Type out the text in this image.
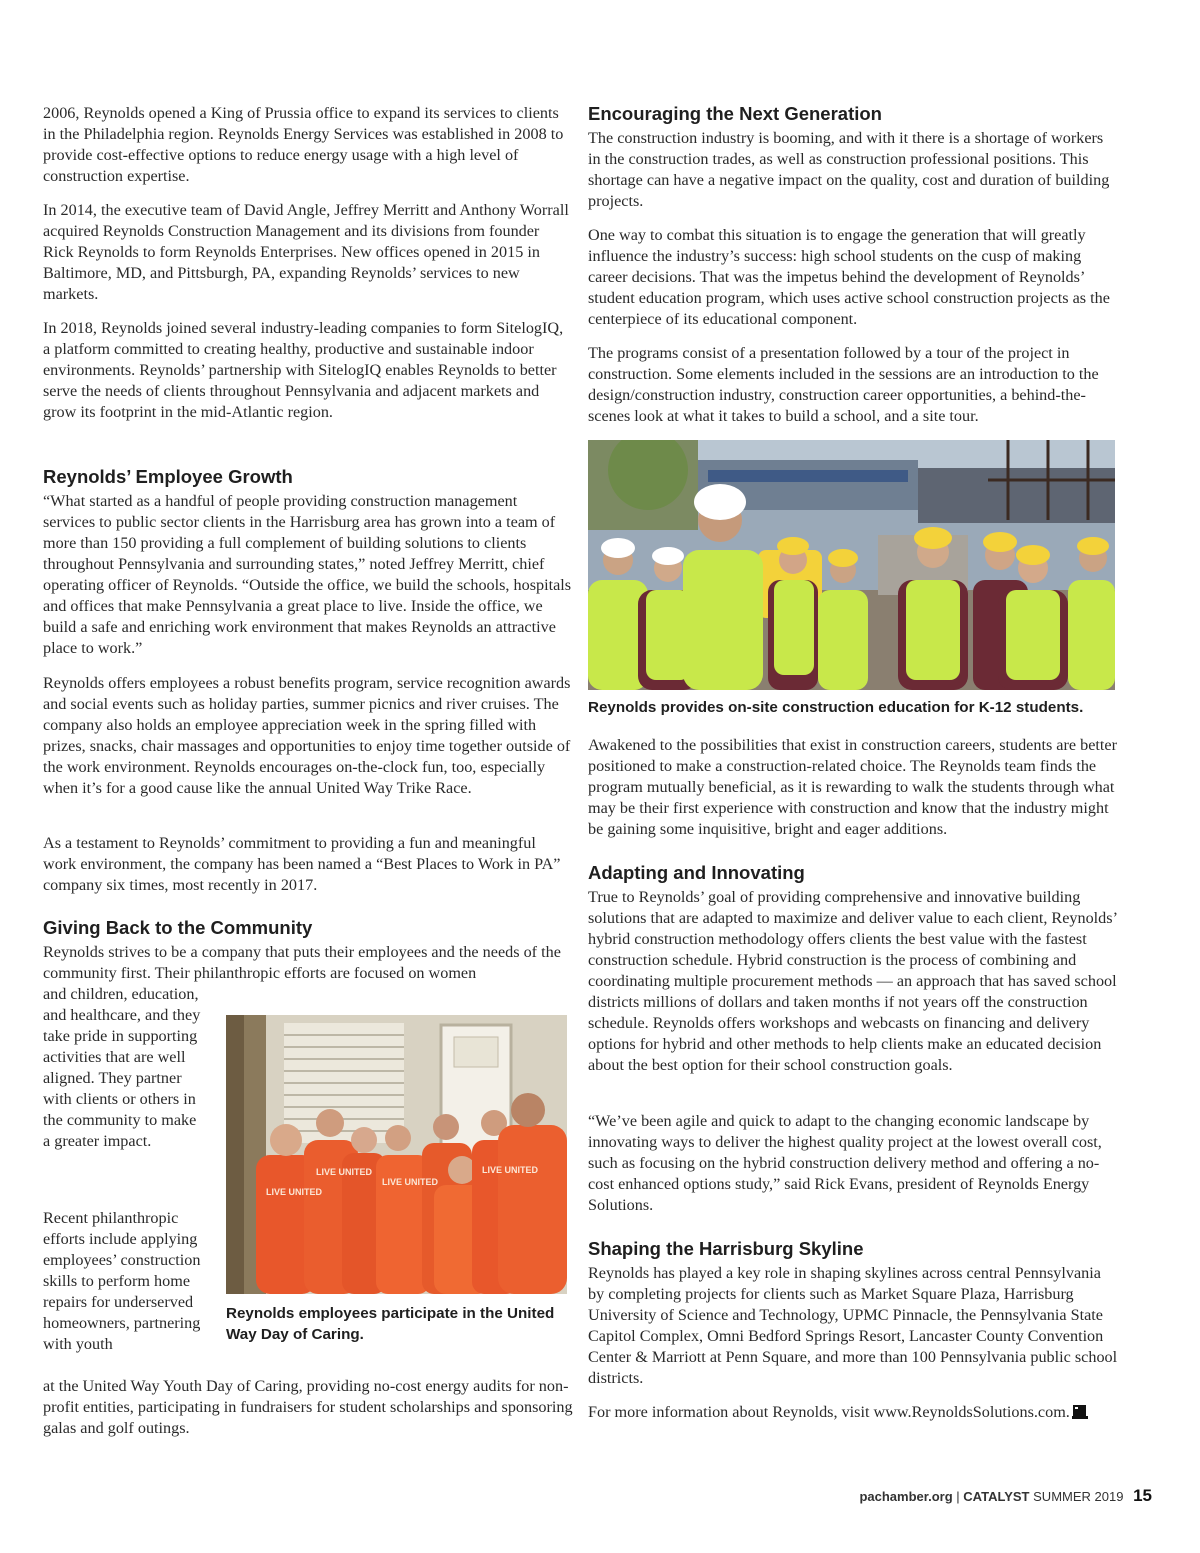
2006, Reynolds opened a King of Prussia office to expand its services to clients in the Philadelphia region. Reynolds Energy Services was established in 2008 to provide cost-effective options to reduce energy usage with a high level of construction expertise.

In 2014, the executive team of David Angle, Jeffrey Merritt and Anthony Worrall acquired Reynolds Construction Management and its divisions from founder Rick Reynolds to form Reynolds Enterprises. New offices opened in 2015 in Baltimore, MD, and Pittsburgh, PA, expanding Reynolds’ services to new markets.

In 2018, Reynolds joined several industry-leading companies to form SitelogIQ, a platform committed to creating healthy, productive and sustainable indoor environments. Reynolds’ partnership with SitelogIQ enables Reynolds to better serve the needs of clients throughout Pennsylvania and adjacent markets and grow its footprint in the mid-Atlantic region.

Reynolds’ Employee Growth

“What started as a handful of people providing construction management services to public sector clients in the Harrisburg area has grown into a team of more than 150 providing a full complement of building solutions to clients throughout Pennsylvania and surrounding states,” noted Jeffrey Merritt, chief operating officer of Reynolds. “Outside the office, we build the schools, hospitals and offices that make Pennsylvania a great place to live. Inside the office, we build a safe and enriching work environment that makes Reynolds an attractive place to work.”

Reynolds offers employees a robust benefits program, service recognition awards and social events such as holiday parties, summer picnics and river cruises. The company also holds an employee appreciation week in the spring filled with prizes, snacks, chair massages and opportunities to enjoy time together outside of the work environment. Reynolds encourages on-the-clock fun, too, especially when it’s for a good cause like the annual United Way Trike Race.

As a testament to Reynolds’ commitment to providing a fun and meaningful work environment, the company has been named a “Best Places to Work in PA” company six times, most recently in 2017.

Giving Back to the Community

Reynolds strives to be a company that puts their employees and the needs of the community first. Their philanthropic efforts are focused on women

and children, education, and healthcare, and they take pride in supporting activities that are well aligned. They partner with clients or others in the community to make a greater impact.

Recent philanthropic efforts include applying employees’ construction skills to perform home repairs for underserved homeowners, partnering with youth

at the United Way Youth Day of Caring, providing no-cost energy audits for non-profit entities, participating in fundraisers for student scholarships and sponsoring galas and golf outings.

LIVE UNITED
LIVE UNITED
LIVE UNITED
LIVE UNITED

Reynolds employees participate in the United Way Day of Caring.

Encouraging the Next Generation

The construction industry is booming, and with it there is a shortage of workers in the construction trades, as well as construction professional positions. This shortage can have a negative impact on the quality, cost and duration of building projects.

One way to combat this situation is to engage the generation that will greatly influence the industry’s success: high school students on the cusp of making career decisions. That was the impetus behind the development of Reynolds’ student education program, which uses active school construction projects as the centerpiece of its educational component.

The programs consist of a presentation followed by a tour of the project in construction. Some elements included in the sessions are an introduction to the design/construction industry, construction career opportunities, a behind-the-scenes look at what it takes to build a school, and a site tour.

Reynolds provides on-site construction education for K-12 students.

Awakened to the possibilities that exist in construction careers, students are better positioned to make a construction-related choice. The Reynolds team finds the program mutually beneficial, as it is rewarding to walk the students through what may be their first experience with construction and know that the industry might be gaining some inquisitive, bright and eager additions.

Adapting and Innovating

True to Reynolds’ goal of providing comprehensive and innovative building solutions that are adapted to maximize and deliver value to each client, Reynolds’ hybrid construction methodology offers clients the best value with the fastest construction schedule. Hybrid construction is the process of combining and coordinating multiple procurement methods — an approach that has saved school districts millions of dollars and taken months if not years off the construction schedule. Reynolds offers workshops and webcasts on financing and delivery options for hybrid and other methods to help clients make an educated decision about the best option for their school construction goals.

“We’ve been agile and quick to adapt to the changing economic landscape by innovating ways to deliver the highest quality project at the lowest overall cost, such as focusing on the hybrid construction delivery method and offering a no-cost enhanced options study,” said Rick Evans, president of Reynolds Energy Solutions.

Shaping the Harrisburg Skyline

Reynolds has played a key role in shaping skylines across central Pennsylvania by completing projects for clients such as Market Square Plaza, Harrisburg University of Science and Technology, UPMC Pinnacle, the Pennsylvania State Capitol Complex, Omni Bedford Springs Resort, Lancaster County Convention Center & Marriott at Penn Square, and more than 100 Pennsylvania public school districts.

For more information about Reynolds, visit www.ReynoldsSolutions.com.

pachamber.org | CATALYST SUMMER 2019 15
